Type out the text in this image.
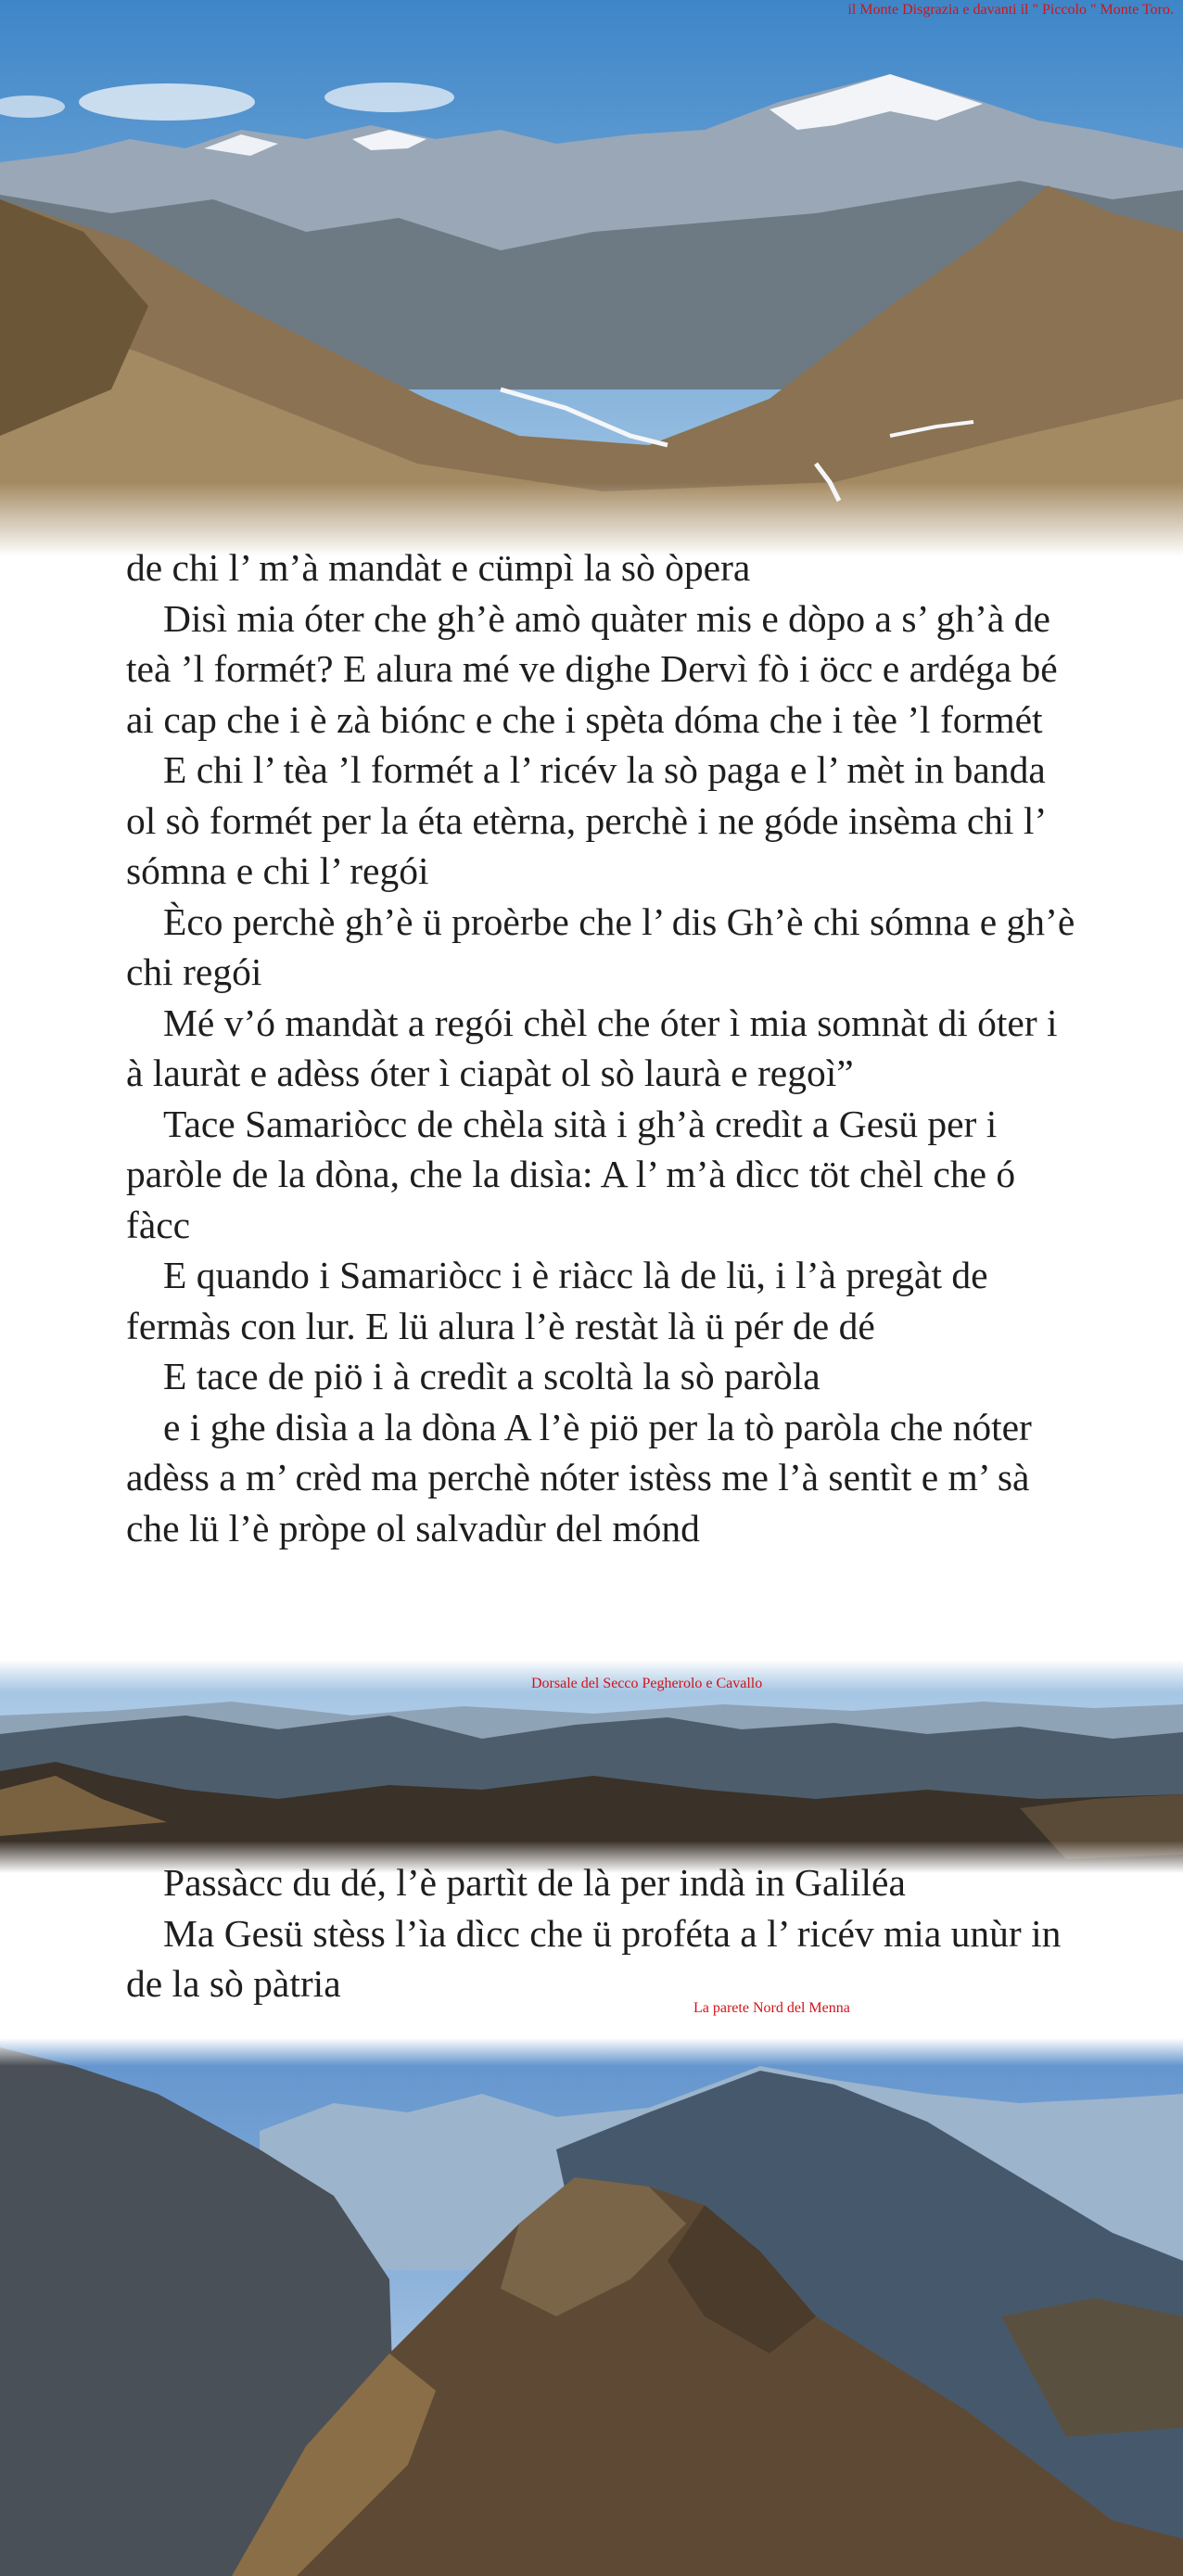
il Monte Disgrazia e davanti il " Piccolo " Monte Toro.

de chi l’ m’à mandàt e cümpì la sò òpera

Disì mia óter che gh’è amò quàter mis e dòpo a s’ gh’à de teà ’l formét? E alura mé ve dighe Dervì fò i öcc e ardéga bé ai cap che i è zà biónc e che i spèta dóma che i tèe ’l formét

E chi l’ tèa ’l formét a l’ ricév la sò paga e l’ mèt in banda ol sò formét per la éta etèrna, perchè i ne góde insèma chi l’ sómna e chi l’ regói

Èco perchè gh’è ü proèrbe che l’ dis Gh’è chi sómna e gh’è chi regói

Mé v’ó mandàt a regói chèl che óter ì mia somnàt di óter i à lauràt e adèss óter ì ciapàt ol sò laurà e regoì”

Tace Samariòcc de chèla sità i gh’à credìt a Gesü per i paròle de la dòna, che la disìa: A l’ m’à dìcc töt chèl che ó fàcc

E quando i Samariòcc i è riàcc là de lü, i l’à pregàt de fermàs con lur. E lü alura l’è restàt là ü pér de dé

E tace de piö i à credìt a scoltà la sò paròla

e i ghe disìa a la dòna A l’è piö per la tò paròla che nóter adèss a m’ crèd ma perchè nóter istèss me l’à sentìt e m’ sà che lü l’è pròpe ol salvadùr del mónd

Dorsale del Secco Pegherolo e Cavallo

Passàcc du dé, l’è partìt de là per indà in Galiléa

Ma Gesü stèss l’ìa dìcc che ü proféta a l’ ricév mia unùr in de la sò pàtria

La parete Nord del Menna
